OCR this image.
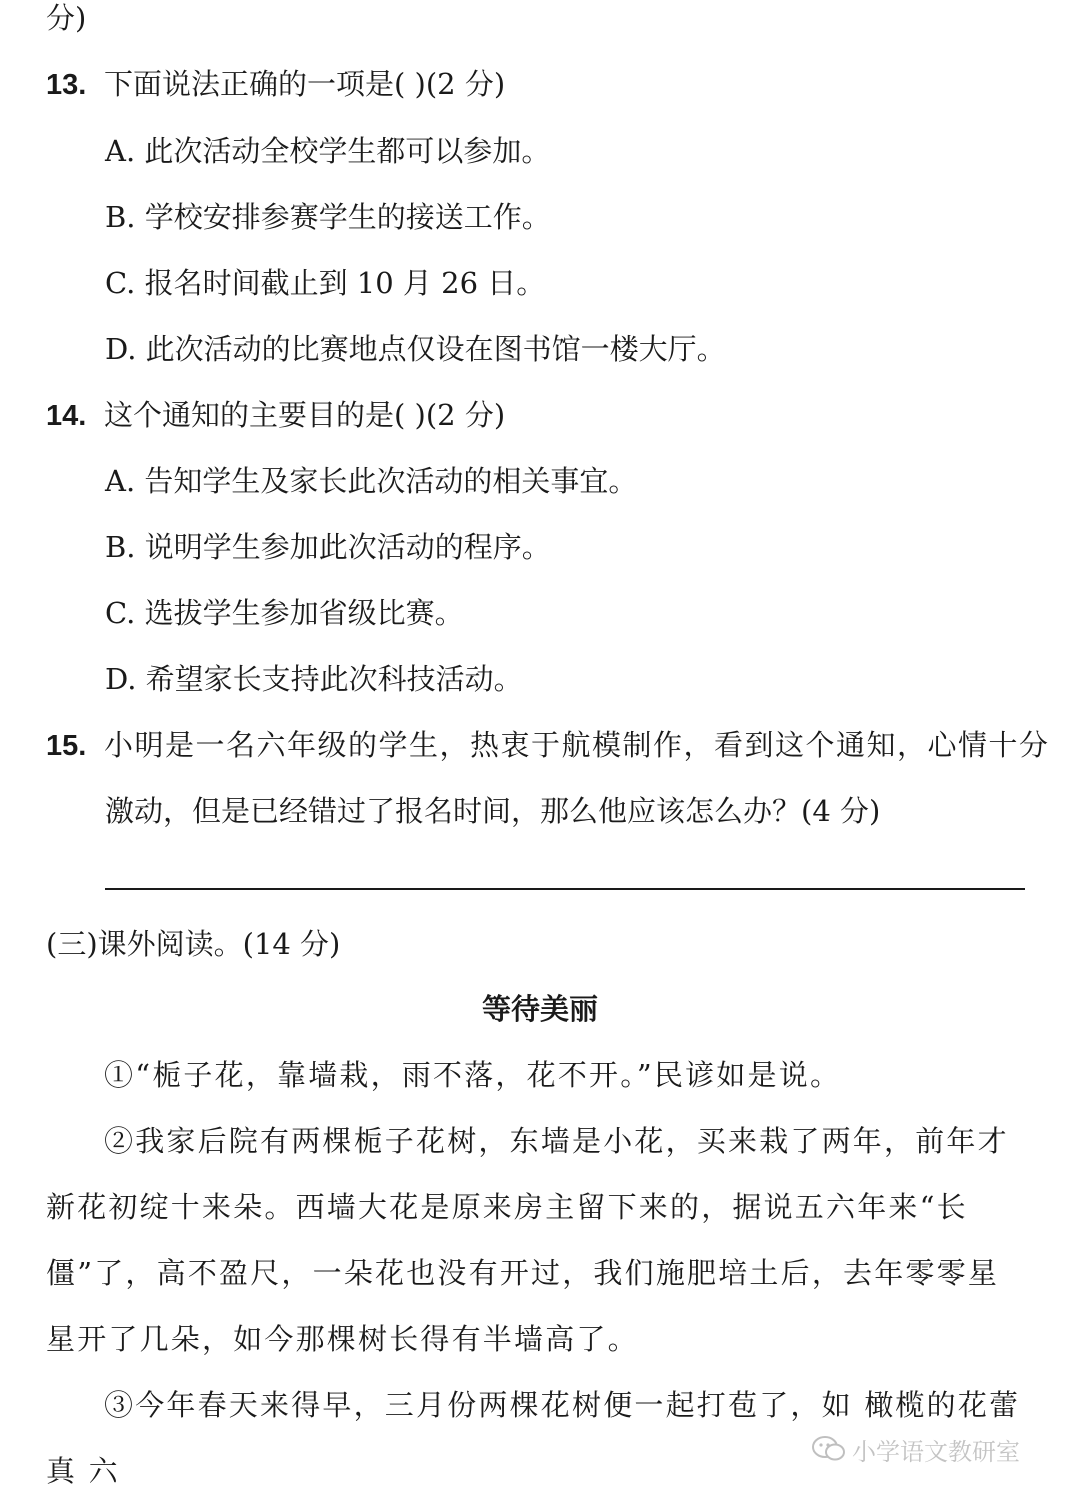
分)
13. 下面说法正确的一项是( )(2 分)
A. 此次活动全校学生都可以参加。
B. 学校安排参赛学生的接送工作。
C. 报名时间截止到 10 月 26 日。
D. 此次活动的比赛地点仅设在图书馆一楼大厅。
14. 这个通知的主要目的是( )(2 分)
A. 告知学生及家长此次活动的相关事宜。
B. 说明学生参加此次活动的程序。
C. 选拔学生参加省级比赛。
D. 希望家长支持此次科技活动。
15. 小明是一名六年级的学生，热衷于航模制作，看到这个通知，心情十分
激动，但是已经错过了报名时间，那么他应该怎么办？(4 分)
(三)课外阅读。(14 分)
等待美丽

①“栀子花，靠墙栽，雨不落，花不开。”民谚如是说。

②我家后院有两棵栀子花树，东墙是小花，买来栽了两年，前年才新花初绽十来朵。西墙大花是原来房主留下来的，据说五六年来“长僵”了，高不盈尺，一朵花也没有开过，我们施肥培土后，去年零零星星开了几朵，如今那棵树长得有半墙高了。

③今年春天来得早，三月份两棵花树便一起打苞了，如 橄榄的花蕾真 六

小学语文教研室
